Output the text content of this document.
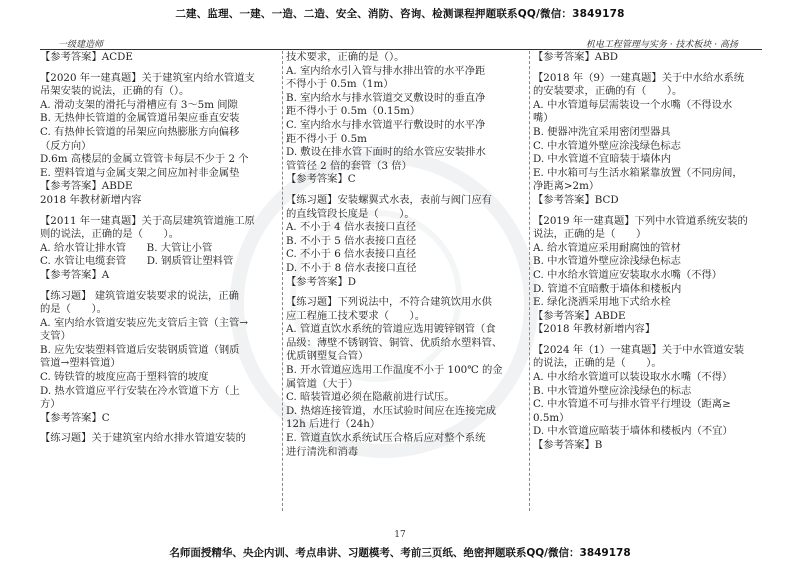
二建、监理、一建、一造、二造、安全、消防、咨询、检测课程押题联系QQ/微信：3849178
一级建造师	机电工程管理与实务 · 技术板块 · 高扬
【参考答案】ACDE
【2020 年一建真题】关于建筑室内给水管道支
吊架安装的说法，正确的有（）。
A. 滑动支架的滑托与滑槽应有 3～5m 间隙
B. 无热伸长管道的金属管道吊架应垂直安装
C. 有热伸长管道的吊架应向热膨胀方向偏移
（反方向）
D.6m 高楼层的金属立管管卡每层不少于 2 个
E. 塑料管道与金属支架之间应加衬非金属垫
【参考答案】ABDE
2018 年教材新增内容
【2011 年一建真题】关于高层建筑管道施工原
则的说法，正确的是（　　）。
A. 给水管让排水管　　B. 大管让小管
C. 水管让电缆套管　　D. 钢质管让塑料管
【参考答案】A
【练习题】 建筑管道安装要求的说法，正确
的是（　　）。
A. 室内给水管道安装应先支管后主管（主管→
支管）
B. 应先安装塑料管道后安装钢质管道（钢质
管道→塑料管道）
C. 铸铁管的坡度应高于塑料管的坡度
D. 热水管道应平行安装在冷水管道下方（上
方）
【参考答案】C
【练习题】关于建筑室内给水排水管道安装的
技术要求，正确的是（）。
A. 室内给水引入管与排水排出管的水平净距
不得小于 0.5m（1m）
B. 室内给水与排水管道交叉敷设时的垂直净
距不得小于 0.5m（0.15m）
C. 室内给水与排水管道平行敷设时的水平净
距不得小于 0.5m
D. 敷设在排水管下面时的给水管应安装排水
管管径 2 倍的套管（3 倍）
【参考答案】C
【练习题】安装螺翼式水表，表前与阀门应有
的直线管段长度是（　　）。
A. 不小于 4 倍水表接口直径
B. 不小于 5 倍水表接口直径
C. 不小于 6 倍水表接口直径
D. 不小于 8 倍水表接口直径
【参考答案】D
【练习题】下列说法中，不符合建筑饮用水供
应工程施工技术要求（　　）。
A. 管道直饮水系统的管道应选用镀锌钢管（食
品级：薄壁不锈钢管、铜管、优质给水塑料管、
优质钢塑复合管）
B. 开水管道应选用工作温度不小于 100℃ 的金
属管道（大于）
C. 暗装管道必须在隐蔽前进行试压。
D. 热熔连接管道，水压试验时间应在连接完成
12h 后进行（24h）
E. 管道直饮水系统试压合格后应对整个系统
进行清洗和消毒
【参考答案】ABD
【2018 年（9）一建真题】关于中水给水系统
的安装要求，正确的有（　　）。
A. 中水管道每层需装设一个水嘴（不得设水
嘴）
B. 便器冲洗宜采用密闭型器具
C. 中水管道外壁应涂浅绿色标志
D. 中水管道不宜暗装于墙体内
E. 中水箱可与生活水箱紧靠放置（不同房间，
净距离>2m）
【参考答案】BCD
【2019 年一建真题】下列中水管道系统安装的
说法，正确的是（　　）
A. 给水管道应采用耐腐蚀的管材
B. 中水管道外壁应涂浅绿色标志
C. 中水给水管道应安装取水水嘴（不得）
D. 管道不宜暗敷于墙体和楼板内
E. 绿化浇洒采用地下式给水栓
【参考答案】ABDE
【2018 年教材新增内容】
【2024 年（1）一建真题】关于中水管道安装
的说法，正确的是（　　）。
A. 中水给水管道可以装设取水水嘴（不得）
B. 中水管道外壁应涂浅绿色的标志
C. 中水管道不可与排水管平行埋设（距离≥
0.5m）
D. 中水管道应暗装于墙体和楼板内（不宜）
【参考答案】B
17
名师面授精华、央企内训、考点串讲、习题模考、考前三页纸、绝密押题联系QQ/微信：3849178
